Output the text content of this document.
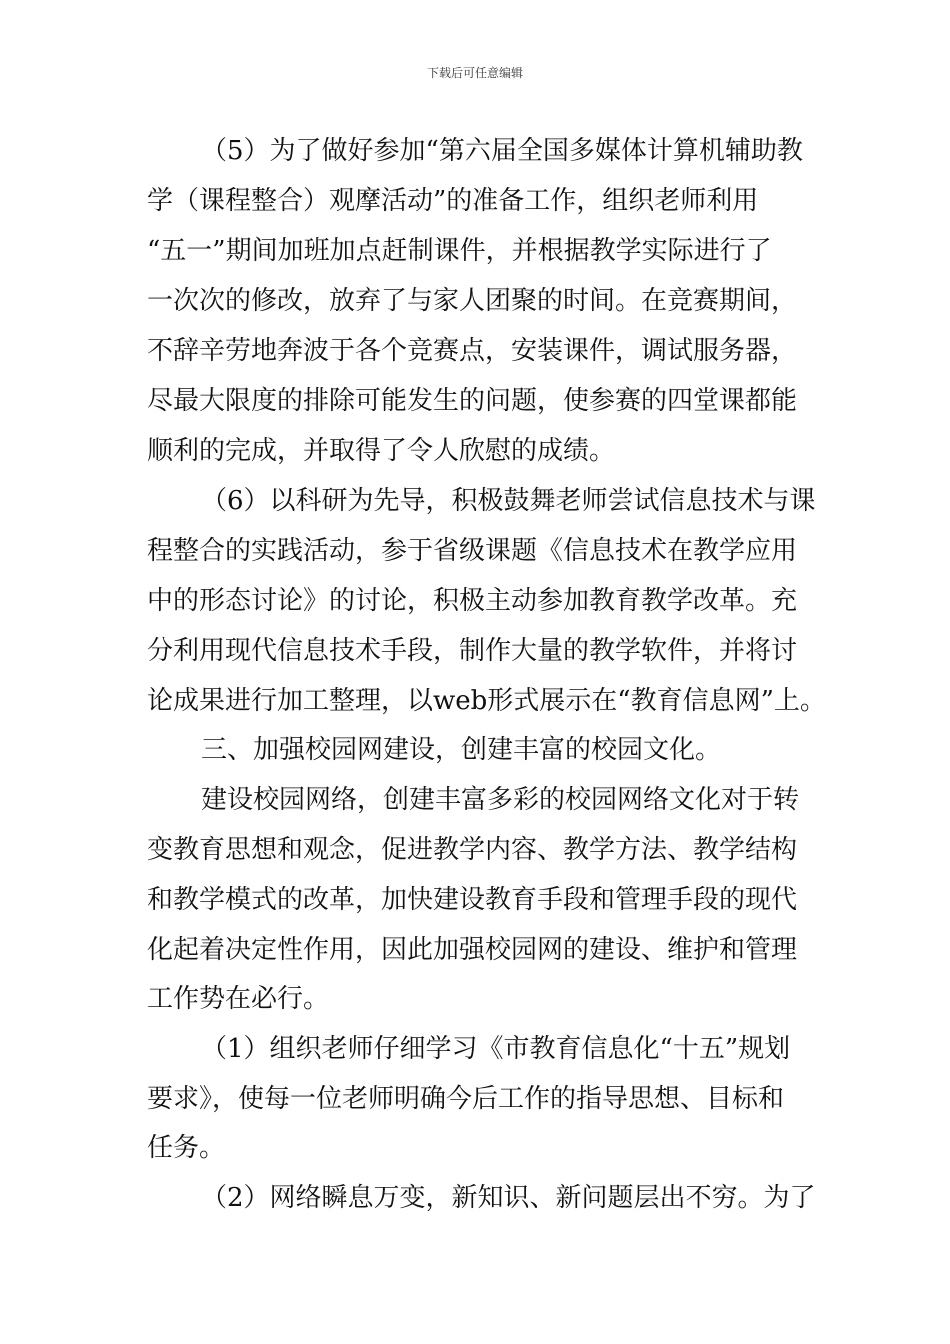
下载后可任意编辑
（5）为了做好参加“第六届全国多媒体计算机辅助教
学（课程整合）观摩活动”的准备工作，组织老师利用
“五一”期间加班加点赶制课件，并根据教学实际进行了
一次次的修改，放弃了与家人团聚的时间。在竞赛期间，
不辞辛劳地奔波于各个竞赛点，安装课件，调试服务器，
尽最大限度的排除可能发生的问题，使参赛的四堂课都能
顺利的完成，并取得了令人欣慰的成绩。
（6）以科研为先导，积极鼓舞老师尝试信息技术与课
程整合的实践活动，参于省级课题《信息技术在教学应用
中的形态讨论》的讨论，积极主动参加教育教学改革。充
分利用现代信息技术手段，制作大量的教学软件，并将讨
论成果进行加工整理，以web形式展示在“教育信息网”上。
三、加强校园网建设，创建丰富的校园文化。
建设校园网络，创建丰富多彩的校园网络文化对于转
变教育思想和观念，促进教学内容、教学方法、教学结构
和教学模式的改革，加快建设教育手段和管理手段的现代
化起着决定性作用，因此加强校园网的建设、维护和管理
工作势在必行。
（1）组织老师仔细学习《市教育信息化“十五”规划
要求》，使每一位老师明确今后工作的指导思想、目标和
任务。
（2）网络瞬息万变，新知识、新问题层出不穷。为了
